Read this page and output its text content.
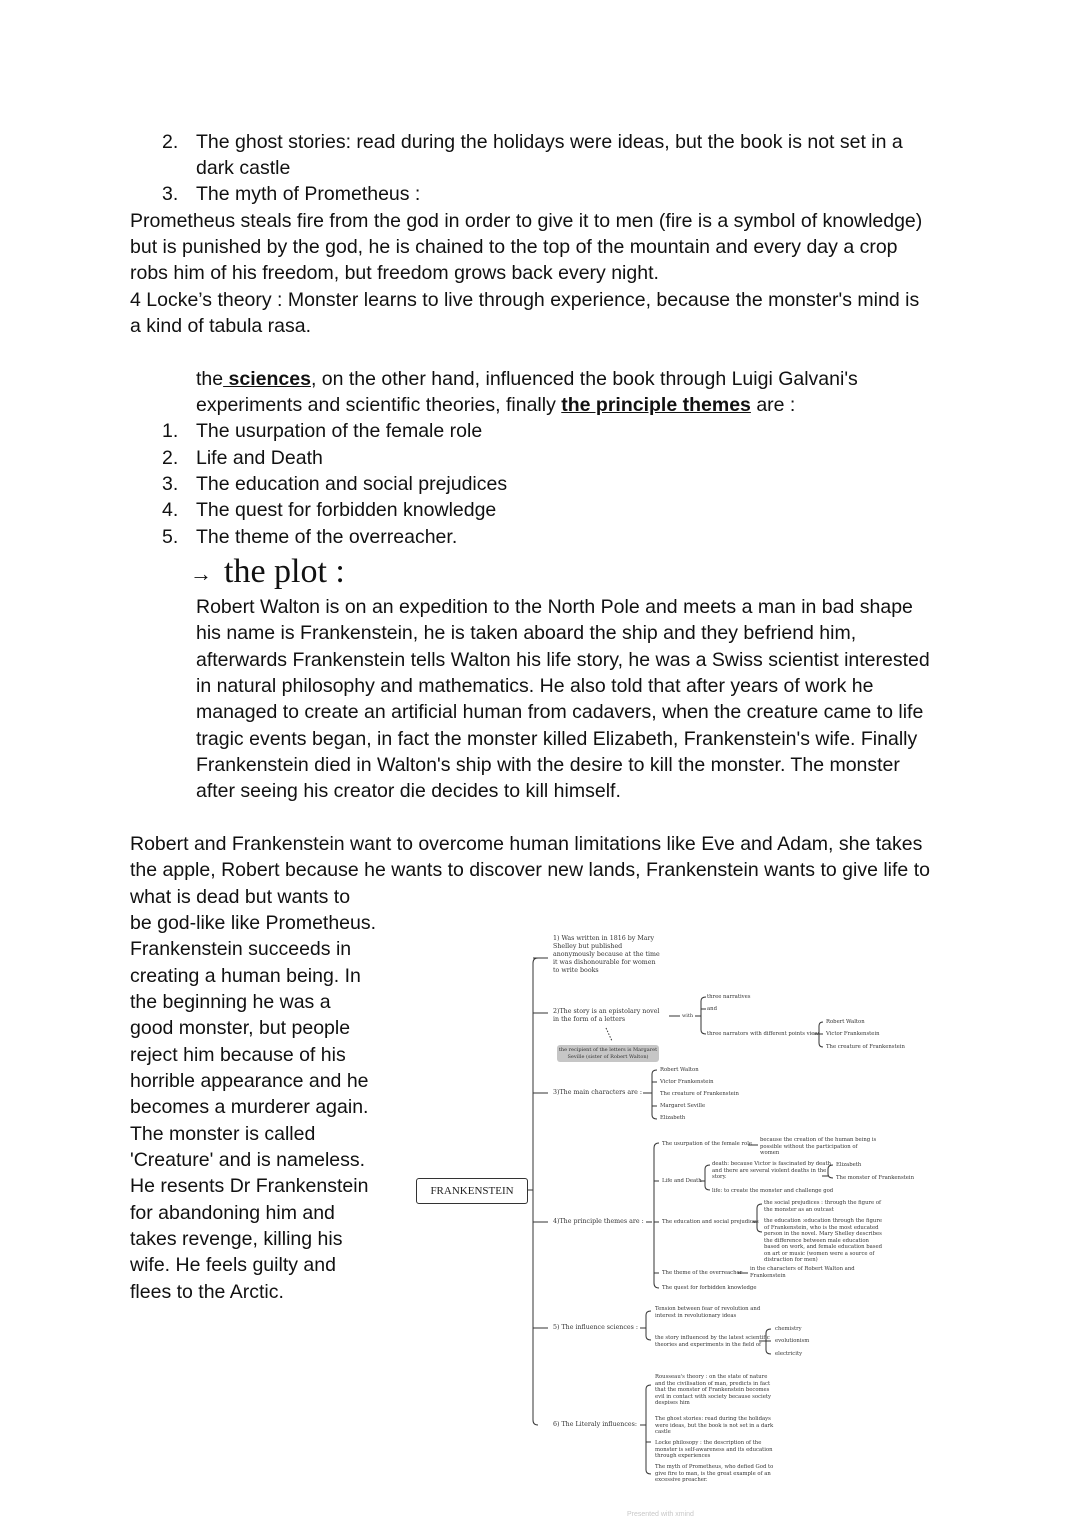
2. The ghost stories: read during the holidays were ideas, but the book is not set in a
dark castle
3. The myth of Prometheus :
Prometheus steals fire from the god in order to give it to men (fire is a symbol of knowledge)
but is punished by the god, he is chained to the top of the mountain and every day a crop
robs him of his freedom, but freedom grows back every night.
4 Locke’s theory : Monster learns to live through experience, because the monster's mind is
a kind of tabula rasa.
the sciences, on the other hand, influenced the book through Luigi Galvani's
experiments and scientific theories, finally the principle themes are :
1. The usurpation of the female role
2. Life and Death
3. The education and social prejudices
4. The quest for forbidden knowledge
5. The theme of the overreacher.
→ the plot :
Robert Walton is on an expedition to the North Pole and meets a man in bad shape
his name is Frankenstein, he is taken aboard the ship and they befriend him,
afterwards Frankenstein tells Walton his life story, he was a Swiss scientist interested
in natural philosophy and mathematics. He also told that after years of work he
managed to create an artificial human from cadavers, when the creature came to life
tragic events began, in fact the monster killed Elizabeth, Frankenstein's wife. Finally
Frankenstein died in Walton's ship with the desire to kill the monster. The monster
after seeing his creator die decides to kill himself.
Robert and Frankenstein want to overcome human limitations like Eve and Adam, she takes
the apple, Robert because he wants to discover new lands, Frankenstein wants to give life to
what is dead but wants to
be god-like like Prometheus.
Frankenstein succeeds in
creating a human being. In
the beginning he was a
good monster, but people
reject him because of his
horrible appearance and he
becomes a murderer again.
The monster is called
'Creature' and is nameless.
He resents Dr Frankenstein
for abandoning him and
takes revenge, killing his
wife. He feels guilty and
flees to the Arctic.
FRANKENSTEIN
1) Was written in 1816 by Mary
Shelley but published
anonymously because at the time
it was dishonourable for women
to write books
2)The story is an epistolary novel
in the form of a letters	with
three narratives
and
three narrators with different points view
Robert Walton
Victor Frankenstein
The creature of Frankenstein
the recipient of the letters is Margaret
Seville (sister of Robert Walton)
3)The main characters are :
Robert Walton
Victor Frankenstein
The creature of Frankenstein
Margaret Seville
Elizabeth
4)The principle themes are :
The usurpation of the female role
because the creation of the human being is
possible without the participation of
women
Life and Death
death: because Victor is fascinated by death
and there are several violent deaths in the
story.
Elizabeth
The monster of Frankenstein
life: to create the monster and challenge god
The education and social prejudices
the social prejudices : through the figure of
the monster as an outcast
the education :education through the figure
of Frankenstein, who is the most educated
person in the novel. Mary Shelley describes
the difference between male education
based on work, and female education based
on art or music (women were a source of
distraction for men)
The theme of the overreacher
in the characters of Robert Walton and
Frankenstein
The quest for forbidden knowledge
5) The influence sciences :
Tension between fear of revolution and
interest in revolutionary ideas
the story influenced by the latest scientific
theories and experiments in the field of
chemistry
evolutionism
electricity
6) The Literaly influences:
Rousseau's theory : on the state of nature
and the civilisation of man, predicts in fact
that the monster of Frankenstein becomes
evil in contact with society because society
despises him
The ghost stories: read during the holidays
were ideas, but the book is not set in a dark
castle
Locke philosopy : the description of the
monster is self-awareness and its education
through experiences
The myth of Prometheus, who defied God to
give fire to man, is the great example of an
excessive preacher.
Presented with xmind
